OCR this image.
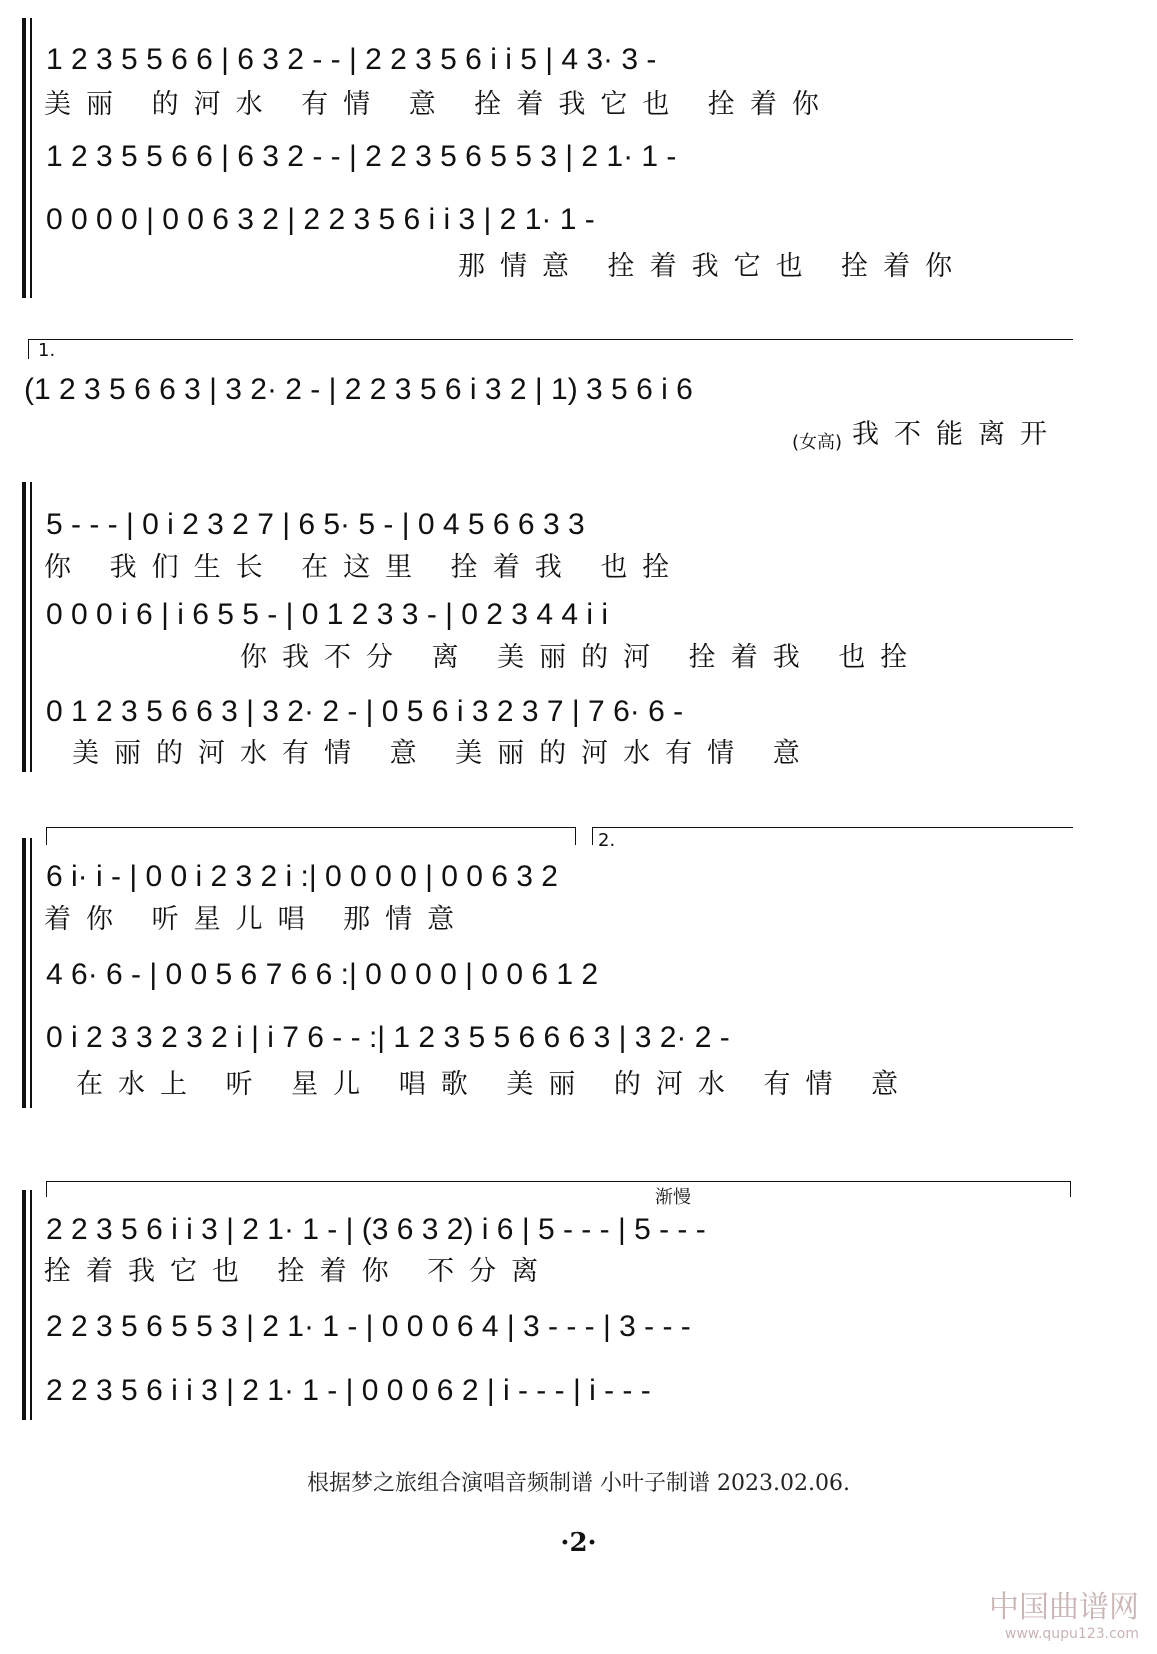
1 2 3 5 5 6 6 | 6 3 2 - - | 2 2 3 5 6 i i 5 | 4 3· 3 -
美丽 的河水 有情 意 拴着我它也 拴着你
1 2 3 5 5 6 6 | 6 3 2 - - | 2 2 3 5 6 5 5 3 | 2 1· 1 -
0 0 0 0 | 0 0 6 3 2 | 2 2 3 5 6 i i 3 | 2 1· 1 -
那情意 拴着我它也 拴着你
1.
(1 2 3 5 6 6 3 | 3 2· 2 - | 2 2 3 5 6 i 3 2 | 1) 3 5 6 i 6
(女高) 我不能离开
5 - - - | 0 i 2 3 2 7 | 6 5· 5 - | 0 4 5 6 6 3 3
你 我们生长 在这里 拴着我 也拴
0 0 0 i 6 | i 6 5 5 - | 0 1 2 3 3 - | 0 2 3 4 4 i i
你我不分 离 美丽的河 拴着我 也拴
0 1 2 3 5 6 6 3 | 3 2· 2 - | 0 5 6 i 3 2 3 7 | 7 6· 6 -
美丽的河水有情 意 美丽的河水有情 意
2.
6 i· i - | 0 0 i 2 3 2 i :| 0 0 0 0 | 0 0 6 3 2
着你 听星儿唱 那情意
4 6· 6 - | 0 0 5 6 7 6 6 :| 0 0 0 0 | 0 0 6 1 2
0 i 2 3 3 2 3 2 i | i 7 6 - - :| 1 2 3 5 5 6 6 6 3 | 3 2· 2 -
在水上 听 星儿 唱歌 美丽 的河水 有情 意
渐慢
2 2 3 5 6 i i 3 | 2 1· 1 - | (3 6 3 2) i 6 | 5 - - - | 5 - - -
拴着我它也 拴着你 不分离
2 2 3 5 6 5 5 3 | 2 1· 1 - | 0 0 0 6 4 | 3 - - - | 3 - - -
2 2 3 5 6 i i 3 | 2 1· 1 - | 0 0 0 6 2 | i - - - | i - - -
根据梦之旅组合演唱音频制谱 小叶子制谱 2023.02.06.
·2·
中国曲谱网
www.qupu123.com
